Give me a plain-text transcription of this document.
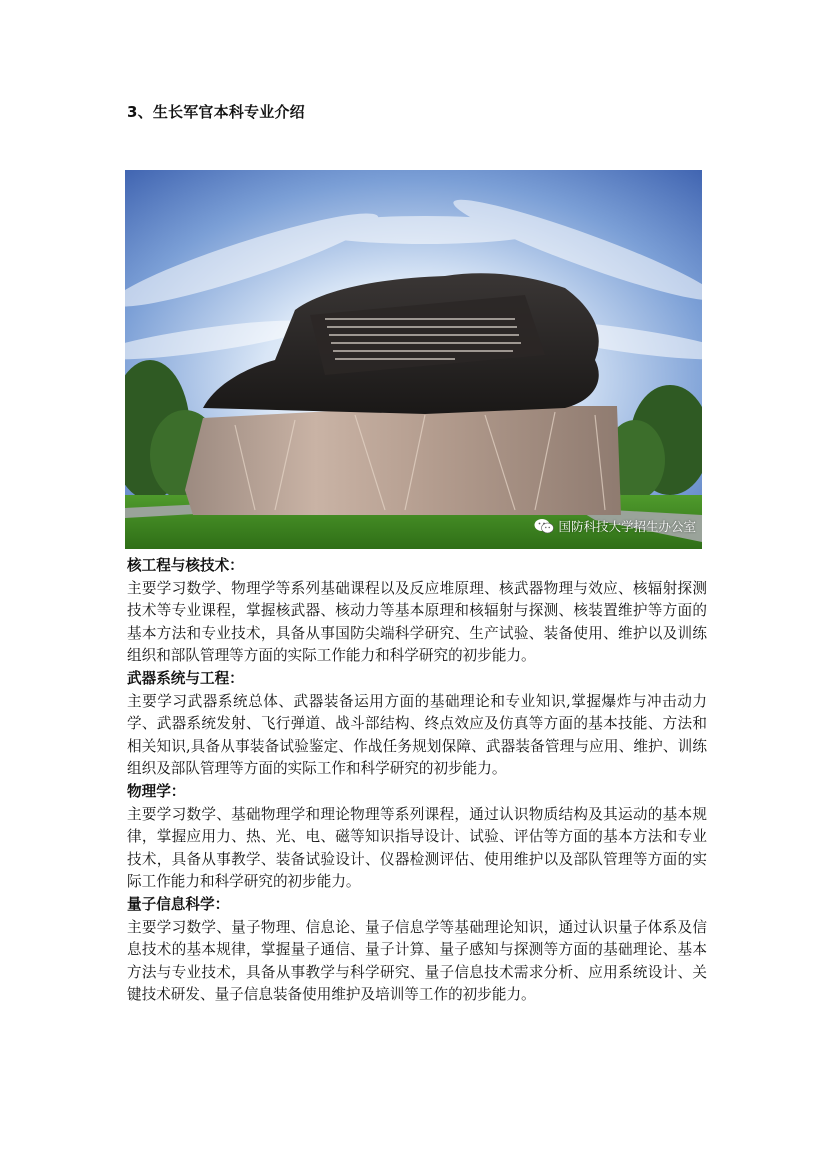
3、生长军官本科专业介绍
国防科技大学招生办公室

核工程与核技术：

主要学习数学、物理学等系列基础课程以及反应堆原理、核武器物理与效应、核辐射探测技术等专业课程，掌握核武器、核动力等基本原理和核辐射与探测、核装置维护等方面的基本方法和专业技术，具备从事国防尖端科学研究、生产试验、装备使用、维护以及训练组织和部队管理等方面的实际工作能力和科学研究的初步能力。

武器系统与工程：

主要学习武器系统总体、武器装备运用方面的基础理论和专业知识,掌握爆炸与冲击动力学、武器系统发射、飞行弹道、战斗部结构、终点效应及仿真等方面的基本技能、方法和相关知识,具备从事装备试验鉴定、作战任务规划保障、武器装备管理与应用、维护、训练组织及部队管理等方面的实际工作和科学研究的初步能力。

物理学：

主要学习数学、基础物理学和理论物理等系列课程，通过认识物质结构及其运动的基本规律，掌握应用力、热、光、电、磁等知识指导设计、试验、评估等方面的基本方法和专业技术，具备从事教学、装备试验设计、仪器检测评估、使用维护以及部队管理等方面的实际工作能力和科学研究的初步能力。

量子信息科学：

主要学习数学、量子物理、信息论、量子信息学等基础理论知识，通过认识量子体系及信息技术的基本规律，掌握量子通信、量子计算、量子感知与探测等方面的基础理论、基本方法与专业技术，具备从事教学与科学研究、量子信息技术需求分析、应用系统设计、关键技术研发、量子信息装备使用维护及培训等工作的初步能力。
